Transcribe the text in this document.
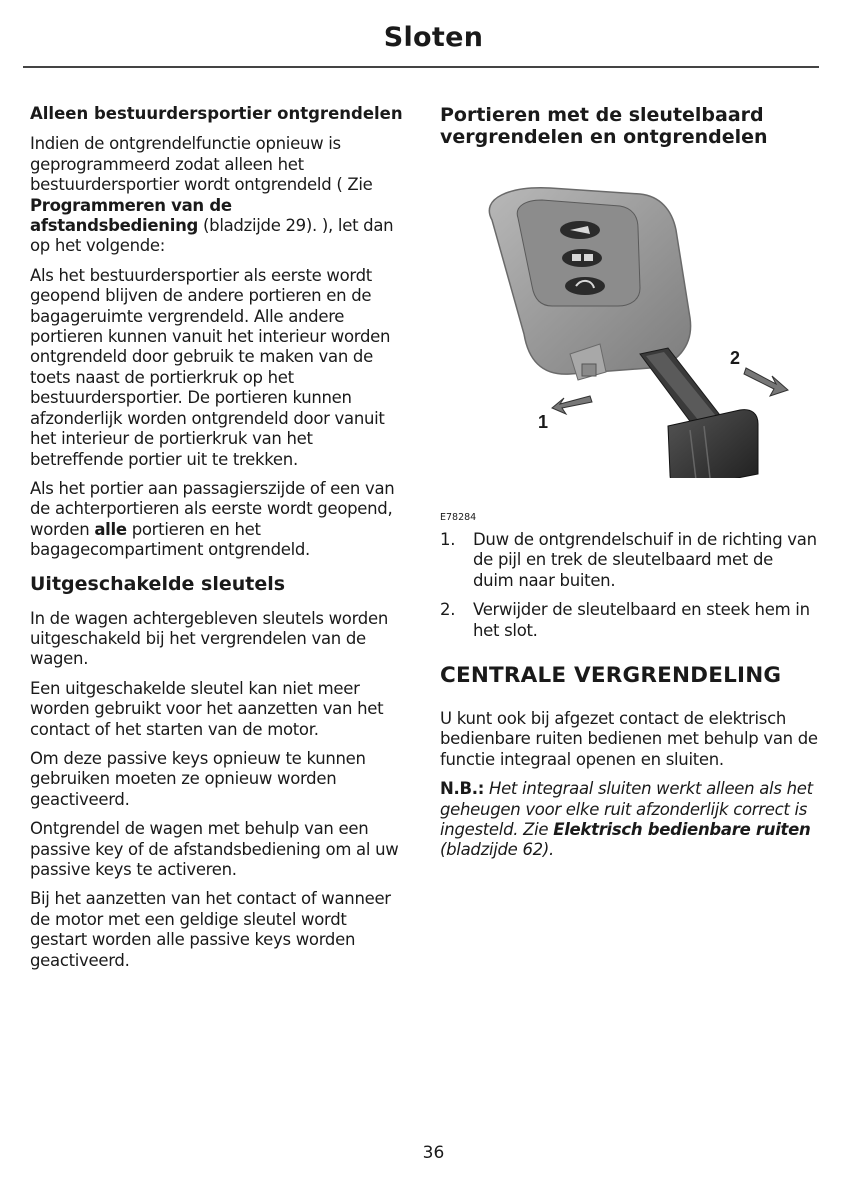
Sloten
Alleen bestuurdersportier ontgrendelen

Indien de ontgrendelfunctie opnieuw is geprogrammeerd zodat alleen het bestuurdersportier wordt ontgrendeld ( Zie Programmeren van de afstandsbediening (bladzijde 29). ), let dan op het volgende:

Als het bestuurdersportier als eerste wordt geopend blijven de andere portieren en de bagageruimte vergrendeld. Alle andere portieren kunnen vanuit het interieur worden ontgrendeld door gebruik te maken van de toets naast de portierkruk op het bestuurdersportier. De portieren kunnen afzonderlijk worden ontgrendeld door vanuit het interieur de portierkruk van het betreffende portier uit te trekken.

Als het portier aan passagierszijde of een van de achterportieren als eerste wordt geopend, worden alle portieren en het bagagecompartiment ontgrendeld.

Uitgeschakelde sleutels

In de wagen achtergebleven sleutels worden uitgeschakeld bij het vergrendelen van de wagen.

Een uitgeschakelde sleutel kan niet meer worden gebruikt voor het aanzetten van het contact of het starten van de motor.

Om deze passive keys opnieuw te kunnen gebruiken moeten ze opnieuw worden geactiveerd.

Ontgrendel de wagen met behulp van een passive key of de afstandsbediening om al uw passive keys te activeren.

Bij het aanzetten van het contact of wanneer de motor met een geldige sleutel wordt gestart worden alle passive keys worden geactiveerd.

Portieren met de sleutelbaard vergrendelen en ontgrendelen
1
2
E78284
1. Duw de ontgrendelschuif in de richting van de pijl en trek de sleutelbaard met de duim naar buiten.
2. Verwijder de sleutelbaard en steek hem in het slot.
CENTRALE VERGRENDELING

U kunt ook bij afgezet contact de elektrisch bedienbare ruiten bedienen met behulp van de functie integraal openen en sluiten.

N.B.: Het integraal sluiten werkt alleen als het geheugen voor elke ruit afzonderlijk correct is ingesteld. Zie Elektrisch bedienbare ruiten (bladzijde 62).

36
